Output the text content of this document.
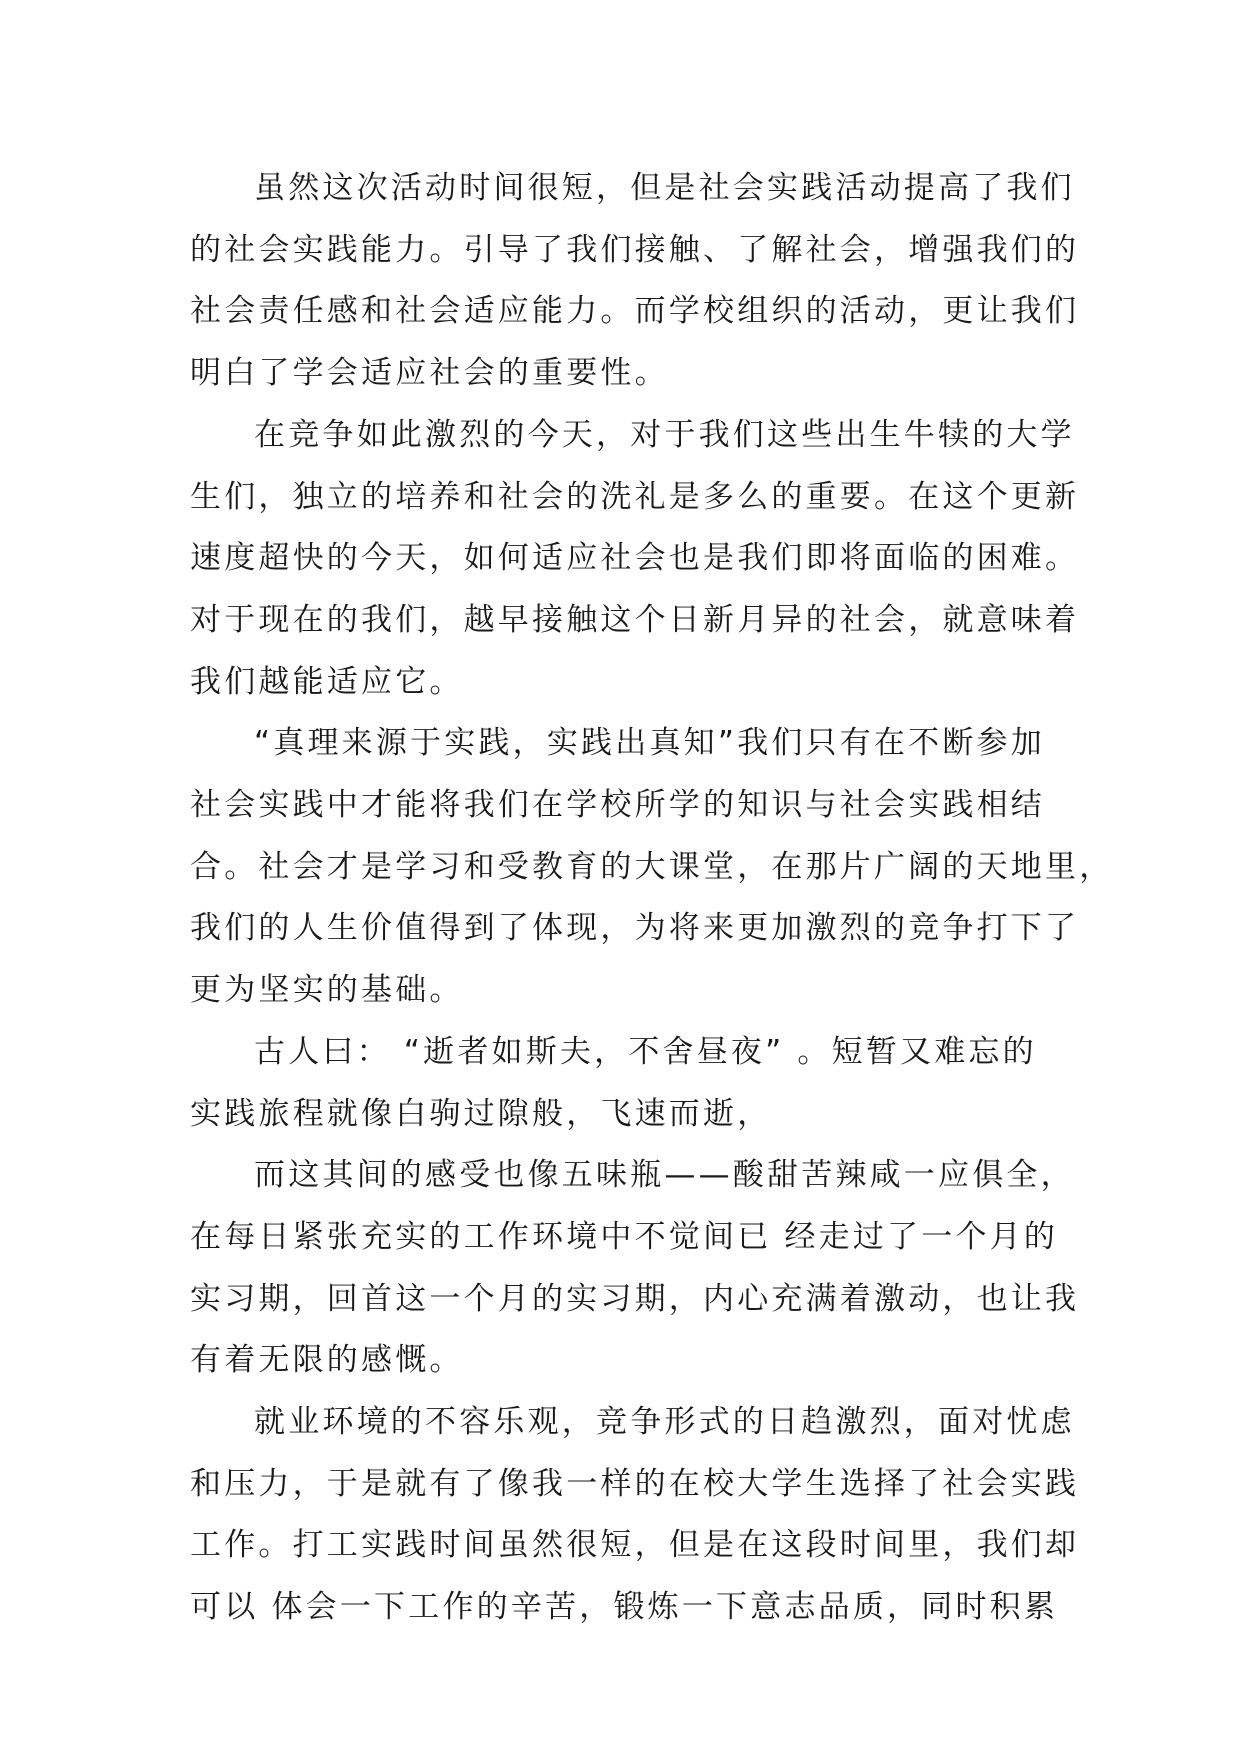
虽然这次活动时间很短，但是社会实践活动提高了我们
的社会实践能力。引导了我们接触、了解社会，增强我们的
社会责任感和社会适应能力。而学校组织的活动，更让我们
明白了学会适应社会的重要性。
在竞争如此激烈的今天，对于我们这些出生牛犊的大学
生们，独立的培养和社会的洗礼是多么的重要。在这个更新
速度超快的今天，如何适应社会也是我们即将面临的困难。
对于现在的我们，越早接触这个日新月异的社会，就意味着
我们越能适应它。
“真理来源于实践，实践出真知”我们只有在不断参加
社会实践中才能将我们在学校所学的知识与社会实践相结
合。社会才是学习和受教育的大课堂，在那片广阔的天地里，
我们的人生价值得到了体现，为将来更加激烈的竞争打下了
更为坚实的基础。
古人曰： “逝者如斯夫，不舍昼夜” 。短暂又难忘的
实践旅程就像白驹过隙般，飞速而逝，
而这其间的感受也像五味瓶——酸甜苦辣咸一应俱全，
在每日紧张充实的工作环境中不觉间已 经走过了一个月的
实习期，回首这一个月的实习期，内心充满着激动，也让我
有着无限的感慨。
就业环境的不容乐观，竞争形式的日趋激烈，面对忧虑
和压力，于是就有了像我一样的在校大学生选择了社会实践
工作。打工实践时间虽然很短，但是在这段时间里，我们却
可以 体会一下工作的辛苦，锻炼一下意志品质，同时积累
